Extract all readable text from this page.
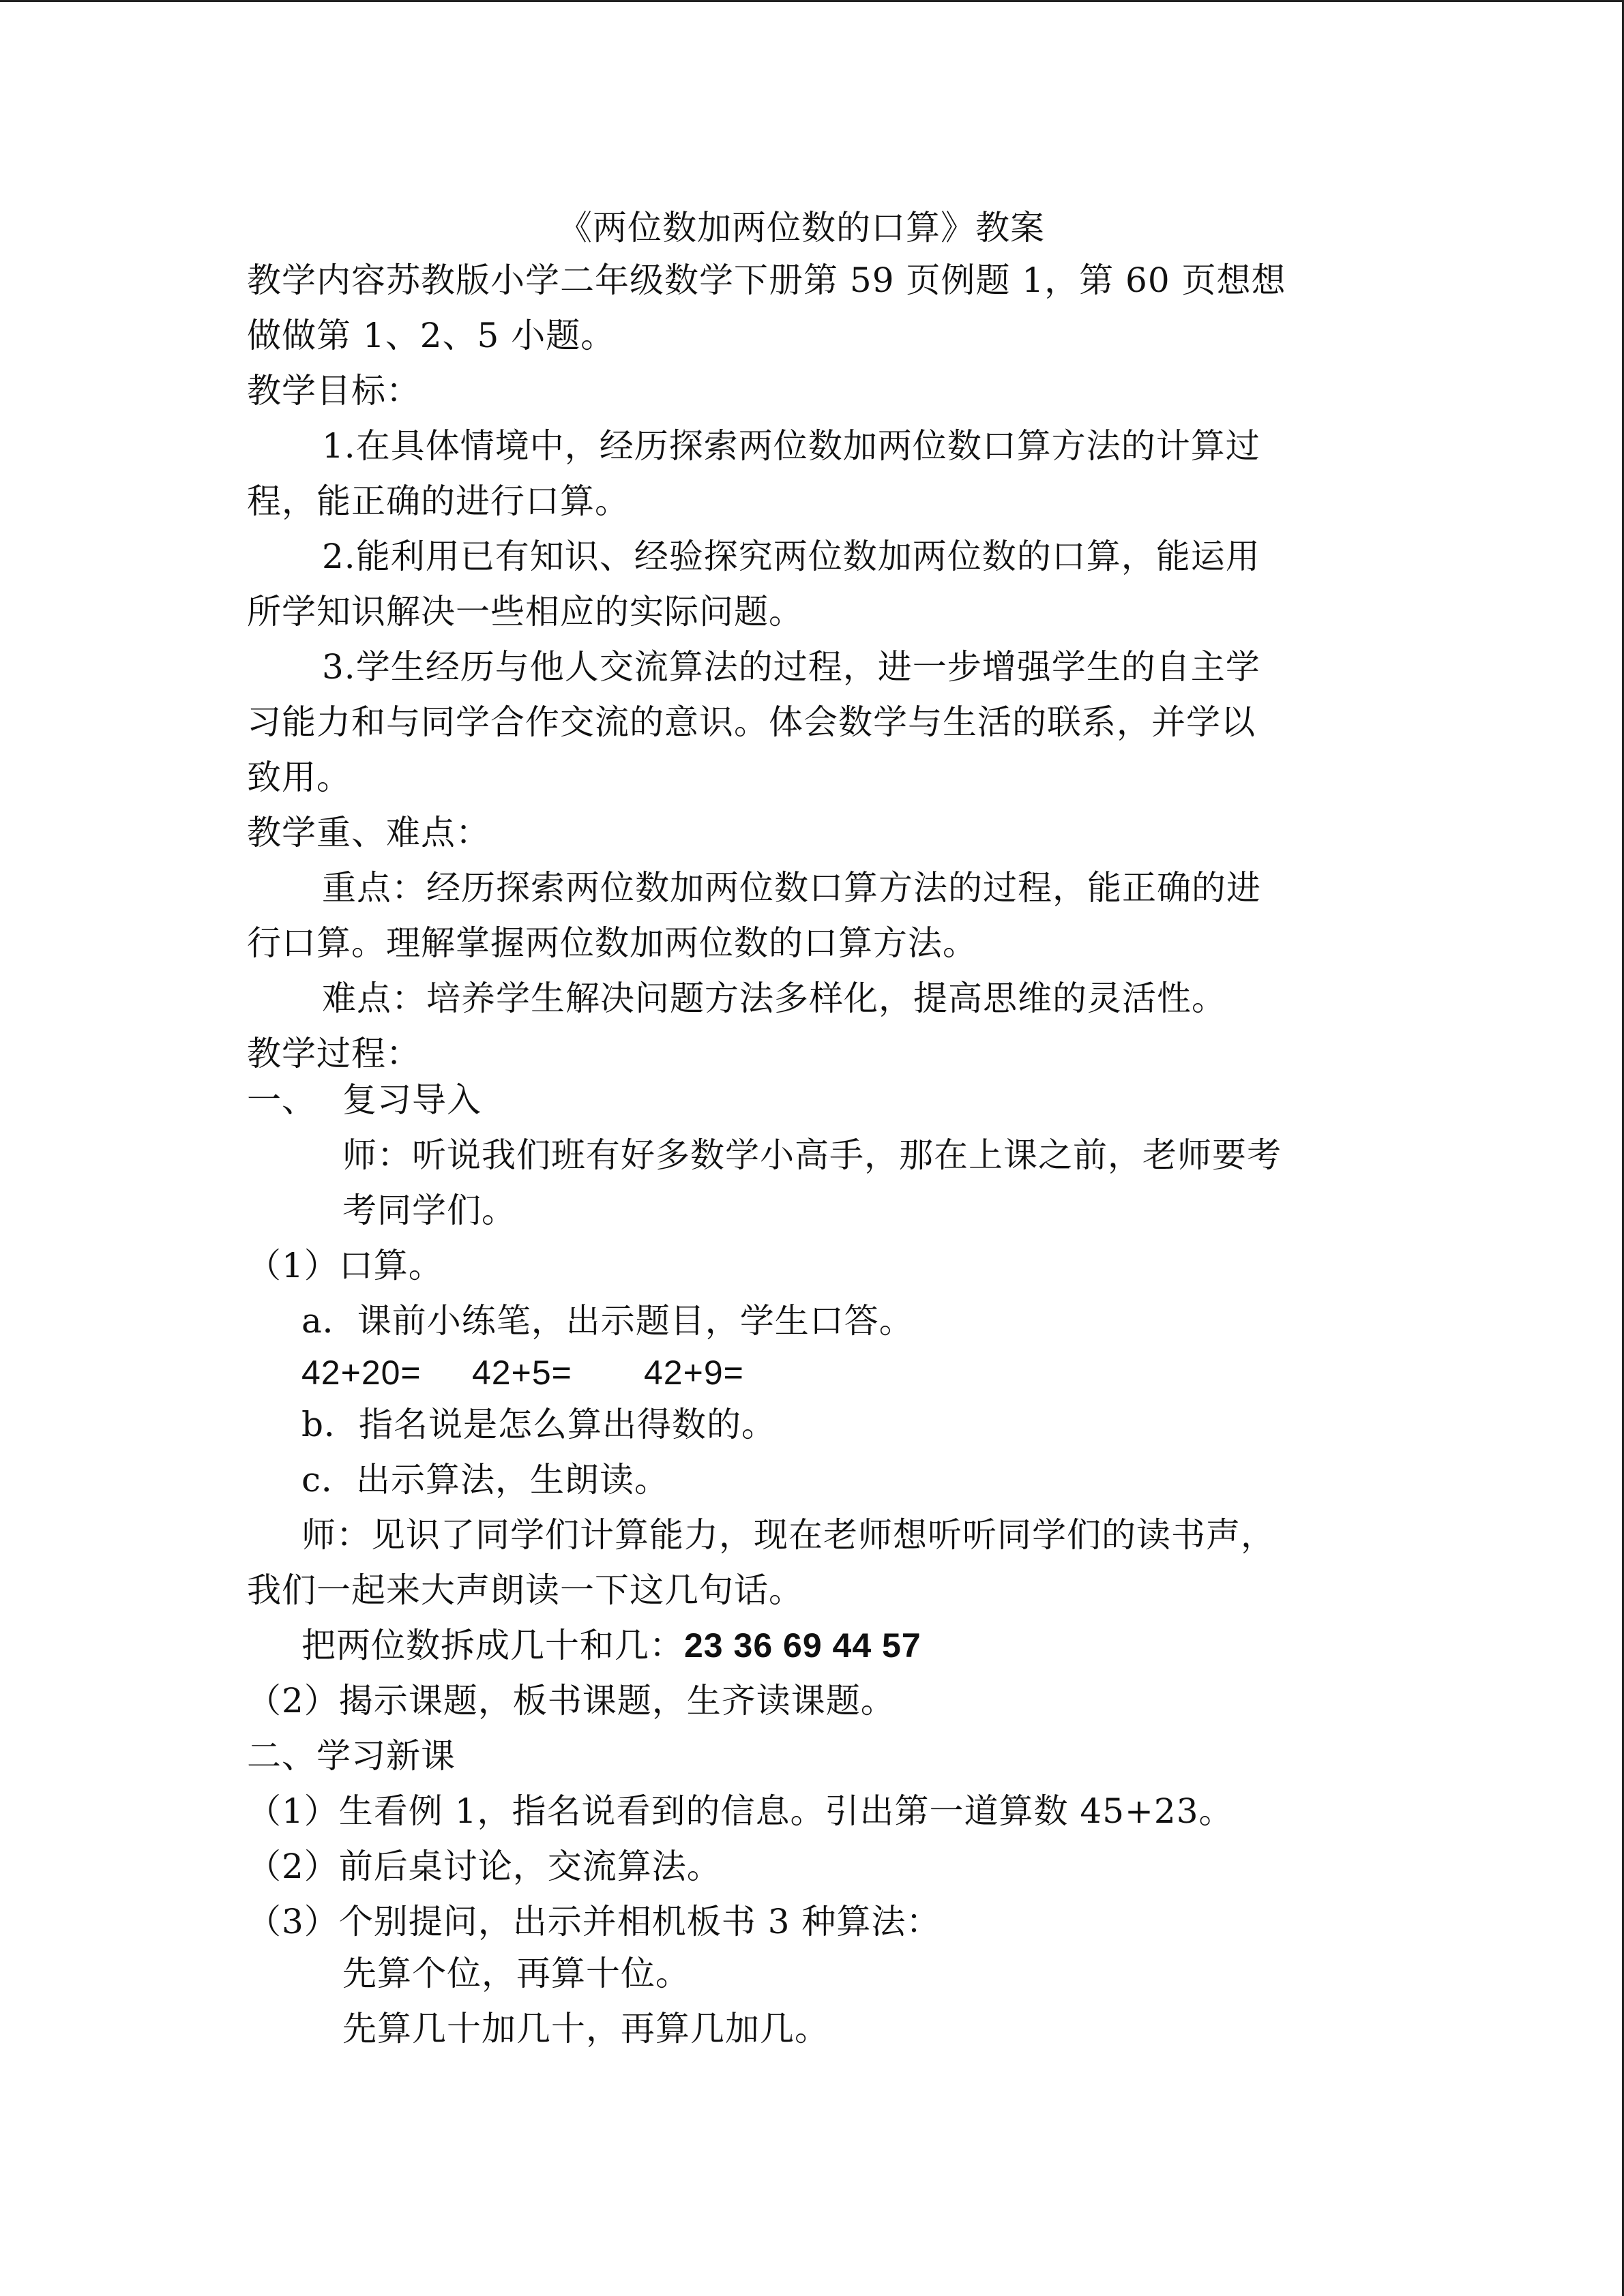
《两位数加两位数的口算》教案
教学内容苏教版小学二年级数学下册第 59 页例题 1，第 60 页想想
做做第 1、2、5 小题。
教学目标：
1.在具体情境中，经历探索两位数加两位数口算方法的计算过
程，能正确的进行口算。
2.能利用已有知识、经验探究两位数加两位数的口算，能运用
所学知识解决一些相应的实际问题。
3.学生经历与他人交流算法的过程，进一步增强学生的自主学
习能力和与同学合作交流的意识。体会数学与生活的联系，并学以
致用。
教学重、难点：
重点：经历探索两位数加两位数口算方法的过程，能正确的进
行口算。理解掌握两位数加两位数的口算方法。
难点：培养学生解决问题方法多样化，提高思维的灵活性。
教学过程：
一、 复习导入
师：听说我们班有好多数学小高手，那在上课之前，老师要考
考同学们。
（1）口算。
a．课前小练笔，出示题目，学生口答。
42+20= 42+5= 42+9=
b．指名说是怎么算出得数的。
c．出示算法，生朗读。
师：见识了同学们计算能力，现在老师想听听同学们的读书声，
我们一起来大声朗读一下这几句话。
把两位数拆成几十和几：23 36 69 44 57
（2）揭示课题，板书课题，生齐读课题。
二、学习新课
（1）生看例 1，指名说看到的信息。引出第一道算数 45+23。
（2）前后桌讨论，交流算法。
（3）个别提问，出示并相机板书 3 种算法：
先算个位，再算十位。
先算几十加几十，再算几加几。
